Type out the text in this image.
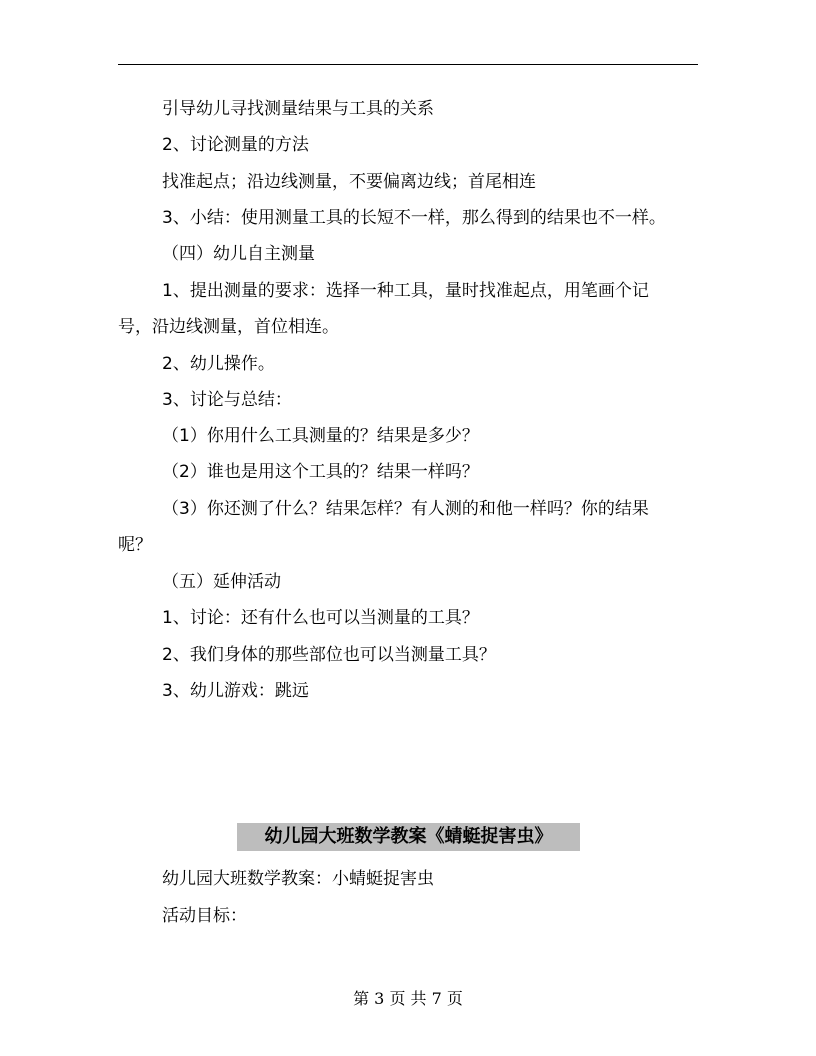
引导幼儿寻找测量结果与工具的关系
2、讨论测量的方法
找准起点；沿边线测量，不要偏离边线；首尾相连
3、小结：使用测量工具的长短不一样，那么得到的结果也不一样。
（四）幼儿自主测量
1、提出测量的要求：选择一种工具，量时找准起点，用笔画个记
号，沿边线测量，首位相连。
2、幼儿操作。
3、讨论与总结：
（1）你用什么工具测量的？结果是多少？
（2）谁也是用这个工具的？结果一样吗？
（3）你还测了什么？结果怎样？有人测的和他一样吗？你的结果
呢？
（五）延伸活动
1、讨论：还有什么也可以当测量的工具？
2、我们身体的那些部位也可以当测量工具？
3、幼儿游戏：跳远
幼儿园大班数学教案《蜻蜓捉害虫》
幼儿园大班数学教案：小蜻蜓捉害虫
活动目标：
第 3 页 共 7 页
